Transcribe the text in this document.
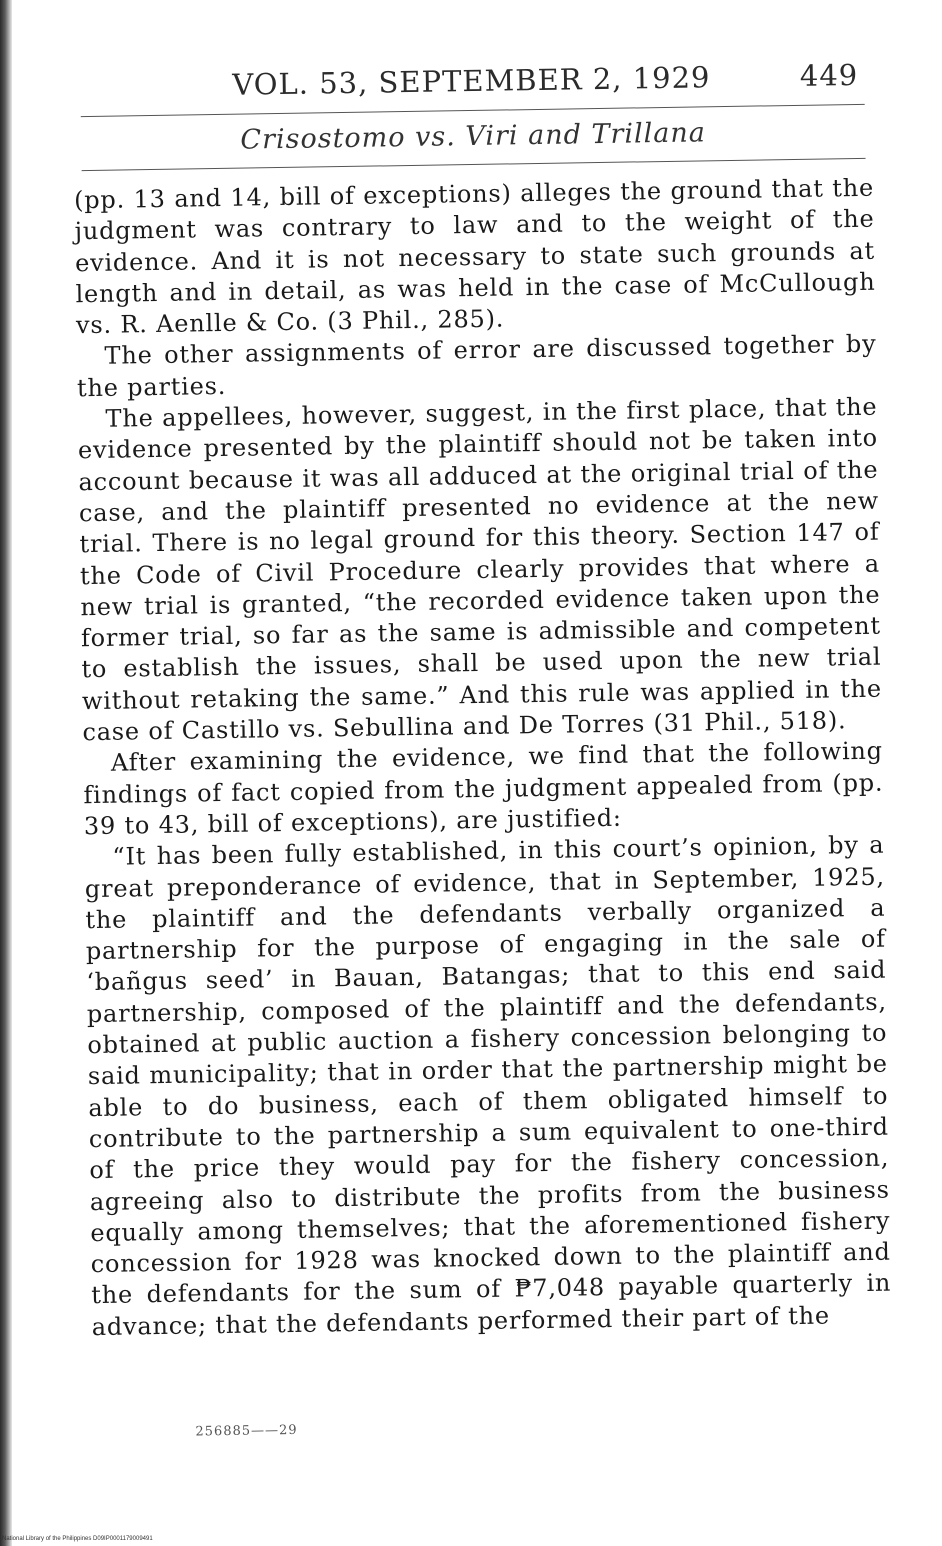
VOL. 53, SEPTEMBER 2, 1929	449
Crisostomo vs. Viri and Trillana

(pp. 13 and 14, bill of exceptions) alleges the ground that the judgment was contrary to law and to the weight of the evidence. And it is not necessary to state such grounds at length and in detail, as was held in the case of McCullough vs. R. Aenlle & Co. (3 Phil., 285).

The other assignments of error are discussed together by the parties.

The appellees, however, suggest, in the first place, that the evidence presented by the plaintiff should not be taken into account because it was all adduced at the original trial of the case, and the plaintiff presented no evidence at the new trial. There is no legal ground for this theory. Section 147 of the Code of Civil Procedure clearly provides that where a new trial is granted, “the recorded evidence taken upon the former trial, so far as the same is admissible and competent to establish the issues, shall be used upon the new trial without retaking the same.” And this rule was applied in the case of Castillo vs. Sebullina and De Torres (31 Phil., 518).

After examining the evidence, we find that the following findings of fact copied from the judgment appealed from (pp. 39 to 43, bill of exceptions), are justified:

“It has been fully established, in this court’s opinion, by a great preponderance of evidence, that in September, 1925, the plaintiff and the defendants verbally organized a partnership for the purpose of engaging in the sale of ‘bañgus seed’ in Bauan, Batangas; that to this end said partnership, composed of the plaintiff and the defendants, obtained at public auction a fishery concession belonging to said municipality; that in order that the partnership might be able to do business, each of them obligated himself to contribute to the partnership a sum equivalent to one-third of the price they would pay for the fishery concession, agreeing also to distribute the profits from the business equally among themselves; that the aforementioned fishery concession for 1928 was knocked down to the plaintiff and the defendants for the sum of ₱7,048 payable quarterly in advance; that the defendants performed their part of the

256885——29
National Library of the Philippines D09IP0001179009491
